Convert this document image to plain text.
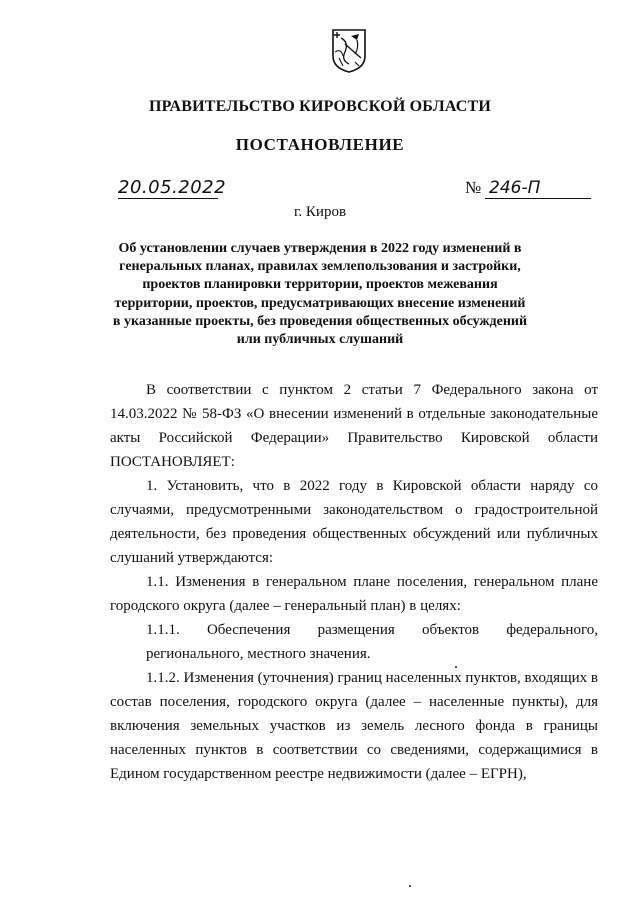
ПРАВИТЕЛЬСТВО КИРОВСКОЙ ОБЛАСТИ
ПОСТАНОВЛЕНИЕ
20.05.2022	№ 246-П
г. Киров
Об установлении случаев утверждения в 2022 году изменений в генеральных планах, правилах землепользования и застройки, проектов планировки территории, проектов межевания территории, проектов, предусматривающих внесение изменений в указанные проекты, без проведения общественных обсуждений или публичных слушаний

В соответствии с пунктом 2 статьи 7 Федерального закона от 14.03.2022 № 58-ФЗ «О внесении изменений в отдельные законодательные акты Российской Федерации» Правительство Кировской области ПОСТАНОВЛЯЕТ:

1. Установить, что в 2022 году в Кировской области наряду со случаями, предусмотренными законодательством о градостроительной деятельности, без проведения общественных обсуждений или публичных слушаний утверждаются:

1.1. Изменения в генеральном плане поселения, генеральном плане городского округа (далее – генеральный план) в целях:

1.1.1. Обеспечения размещения объектов федерального,

регионального, местного значения.

1.1.2. Изменения (уточнения) границ населенных пунктов, входящих в состав поселения, городского округа (далее – населенные пункты), для включения земельных участков из земель лесного фонда в границы населенных пунктов в соответствии со сведениями, содержащимися в Едином государственном реестре недвижимости (далее – ЕГРН),
